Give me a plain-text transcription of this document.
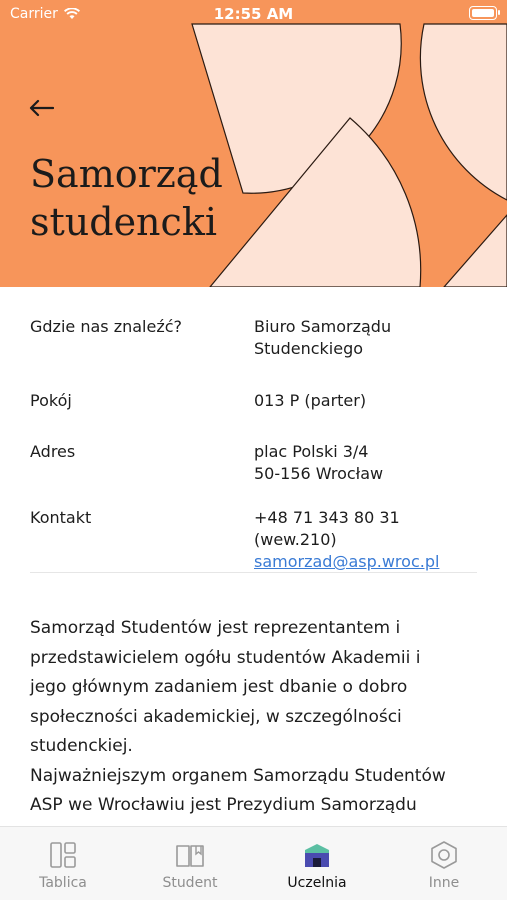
Carrier	12:55 AM
Samorząd
studencki
Gdzie nas znaleźć?	Biuro Samorządu
Studenckiego
Pokój	013 P (parter)
Adres	plac Polski 3/4
50-156 Wrocław
Kontakt	+48 71 343 80 31 (wew.210)
samorzad@asp.wroc.pl

Samorząd Studentów jest reprezentantem i

przedstawicielem ogółu studentów Akademii i

jego głównym zadaniem jest dbanie o dobro

społeczności akademickiej, w szczególności

studenckiej.

Najważniejszym organem Samorządu Studentów

ASP we Wrocławiu jest Prezydium Samorządu

Tablica	Student	Uczelnia	Inne
